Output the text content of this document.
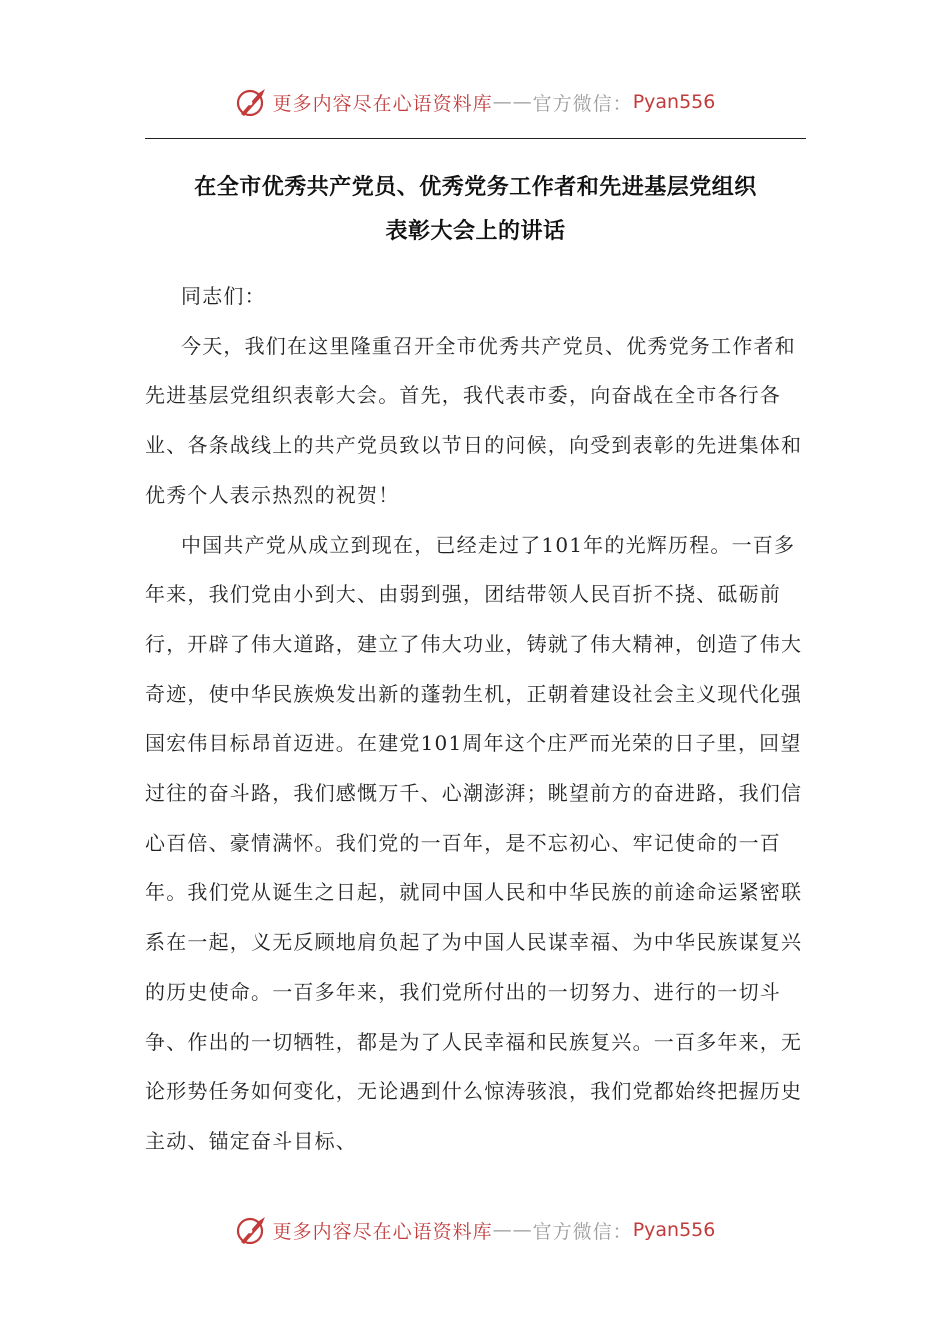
更多内容尽在心语资料库 —— 官方微信： Pyan556
在全市优秀共产党员、优秀党务工作者和先进基层党组织
表彰大会上的讲话

同志们：

今天，我们在这里隆重召开全市优秀共产党员、优秀党务工作者和先进基层党组织表彰大会。首先，我代表市委，向奋战在全市各行各业、各条战线上的共产党员致以节日的问候，向受到表彰的先进集体和优秀个人表示热烈的祝贺！

中国共产党从成立到现在，已经走过了101年的光辉历程。一百多年来，我们党由小到大、由弱到强，团结带领人民百折不挠、砥砺前行，开辟了伟大道路，建立了伟大功业，铸就了伟大精神，创造了伟大奇迹，使中华民族焕发出新的蓬勃生机，正朝着建设社会主义现代化强国宏伟目标昂首迈进。在建党101周年这个庄严而光荣的日子里，回望过往的奋斗路，我们感慨万千、心潮澎湃；眺望前方的奋进路，我们信心百倍、豪情满怀。我们党的一百年，是不忘初心、牢记使命的一百年。我们党从诞生之日起，就同中国人民和中华民族的前途命运紧密联系在一起，义无反顾地肩负起了为中国人民谋幸福、为中华民族谋复兴的历史使命。一百多年来，我们党所付出的一切努力、进行的一切斗争、作出的一切牺牲，都是为了人民幸福和民族复兴。一百多年来，无论形势任务如何变化，无论遇到什么惊涛骇浪，我们党都始终把握历史主动、锚定奋斗目标、

更多内容尽在心语资料库 —— 官方微信： Pyan556
